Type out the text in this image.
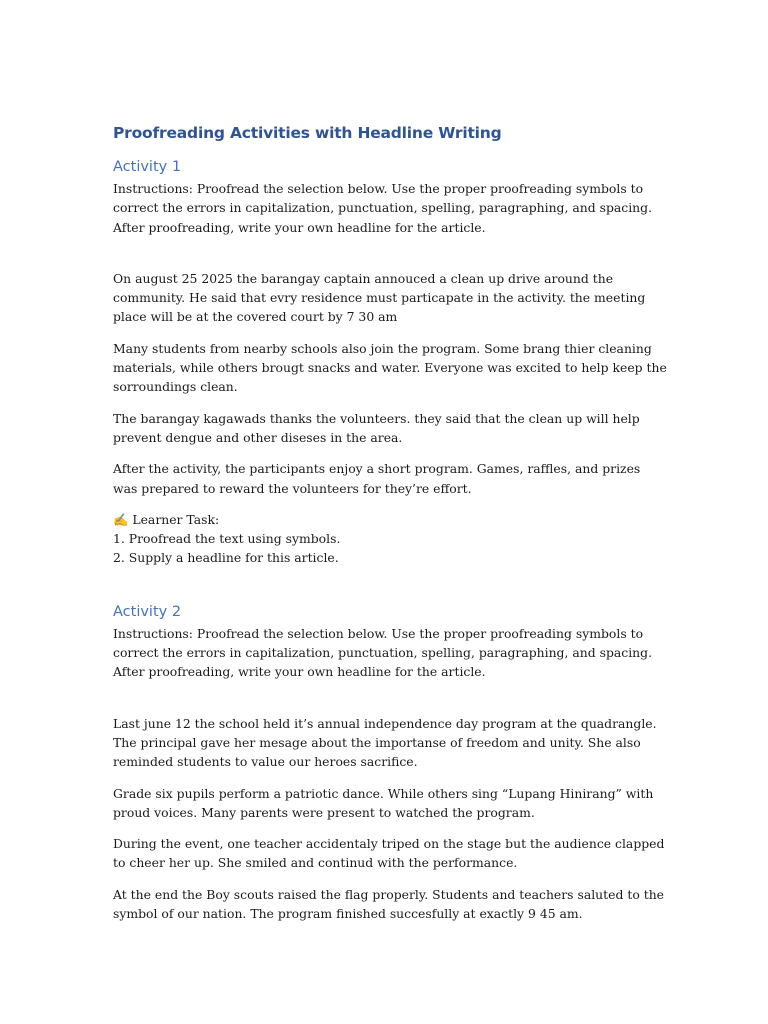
Proofreading Activities with Headline Writing
Activity 1

Instructions: Proofread the selection below. Use the proper proofreading symbols to correct the errors in capitalization, punctuation, spelling, paragraphing, and spacing. After proofreading, write your own headline for the article.

On august 25 2025 the barangay captain annouced a clean up drive around the community. He said that evry residence must particapate in the activity. the meeting place will be at the covered court by 7 30 am

Many students from nearby schools also join the program. Some brang thier cleaning materials, while others brougt snacks and water. Everyone was excited to help keep the sorroundings clean.

The barangay kagawads thanks the volunteers. they said that the clean up will help prevent dengue and other diseses in the area.

After the activity, the participants enjoy a short program. Games, raffles, and prizes was prepared to reward the volunteers for they’re effort.

✍ Learner Task:
1. Proofread the text using symbols.
2. Supply a headline for this article.
Activity 2

Instructions: Proofread the selection below. Use the proper proofreading symbols to correct the errors in capitalization, punctuation, spelling, paragraphing, and spacing. After proofreading, write your own headline for the article.

Last june 12 the school held it’s annual independence day program at the quadrangle. The principal gave her mesage about the importanse of freedom and unity. She also reminded students to value our heroes sacrifice.

Grade six pupils perform a patriotic dance. While others sing “Lupang Hinirang” with proud voices. Many parents were present to watched the program.

During the event, one teacher accidentaly triped on the stage but the audience clapped to cheer her up. She smiled and continud with the performance.

At the end the Boy scouts raised the flag properly. Students and teachers saluted to the symbol of our nation. The program finished succesfully at exactly 9 45 am.
